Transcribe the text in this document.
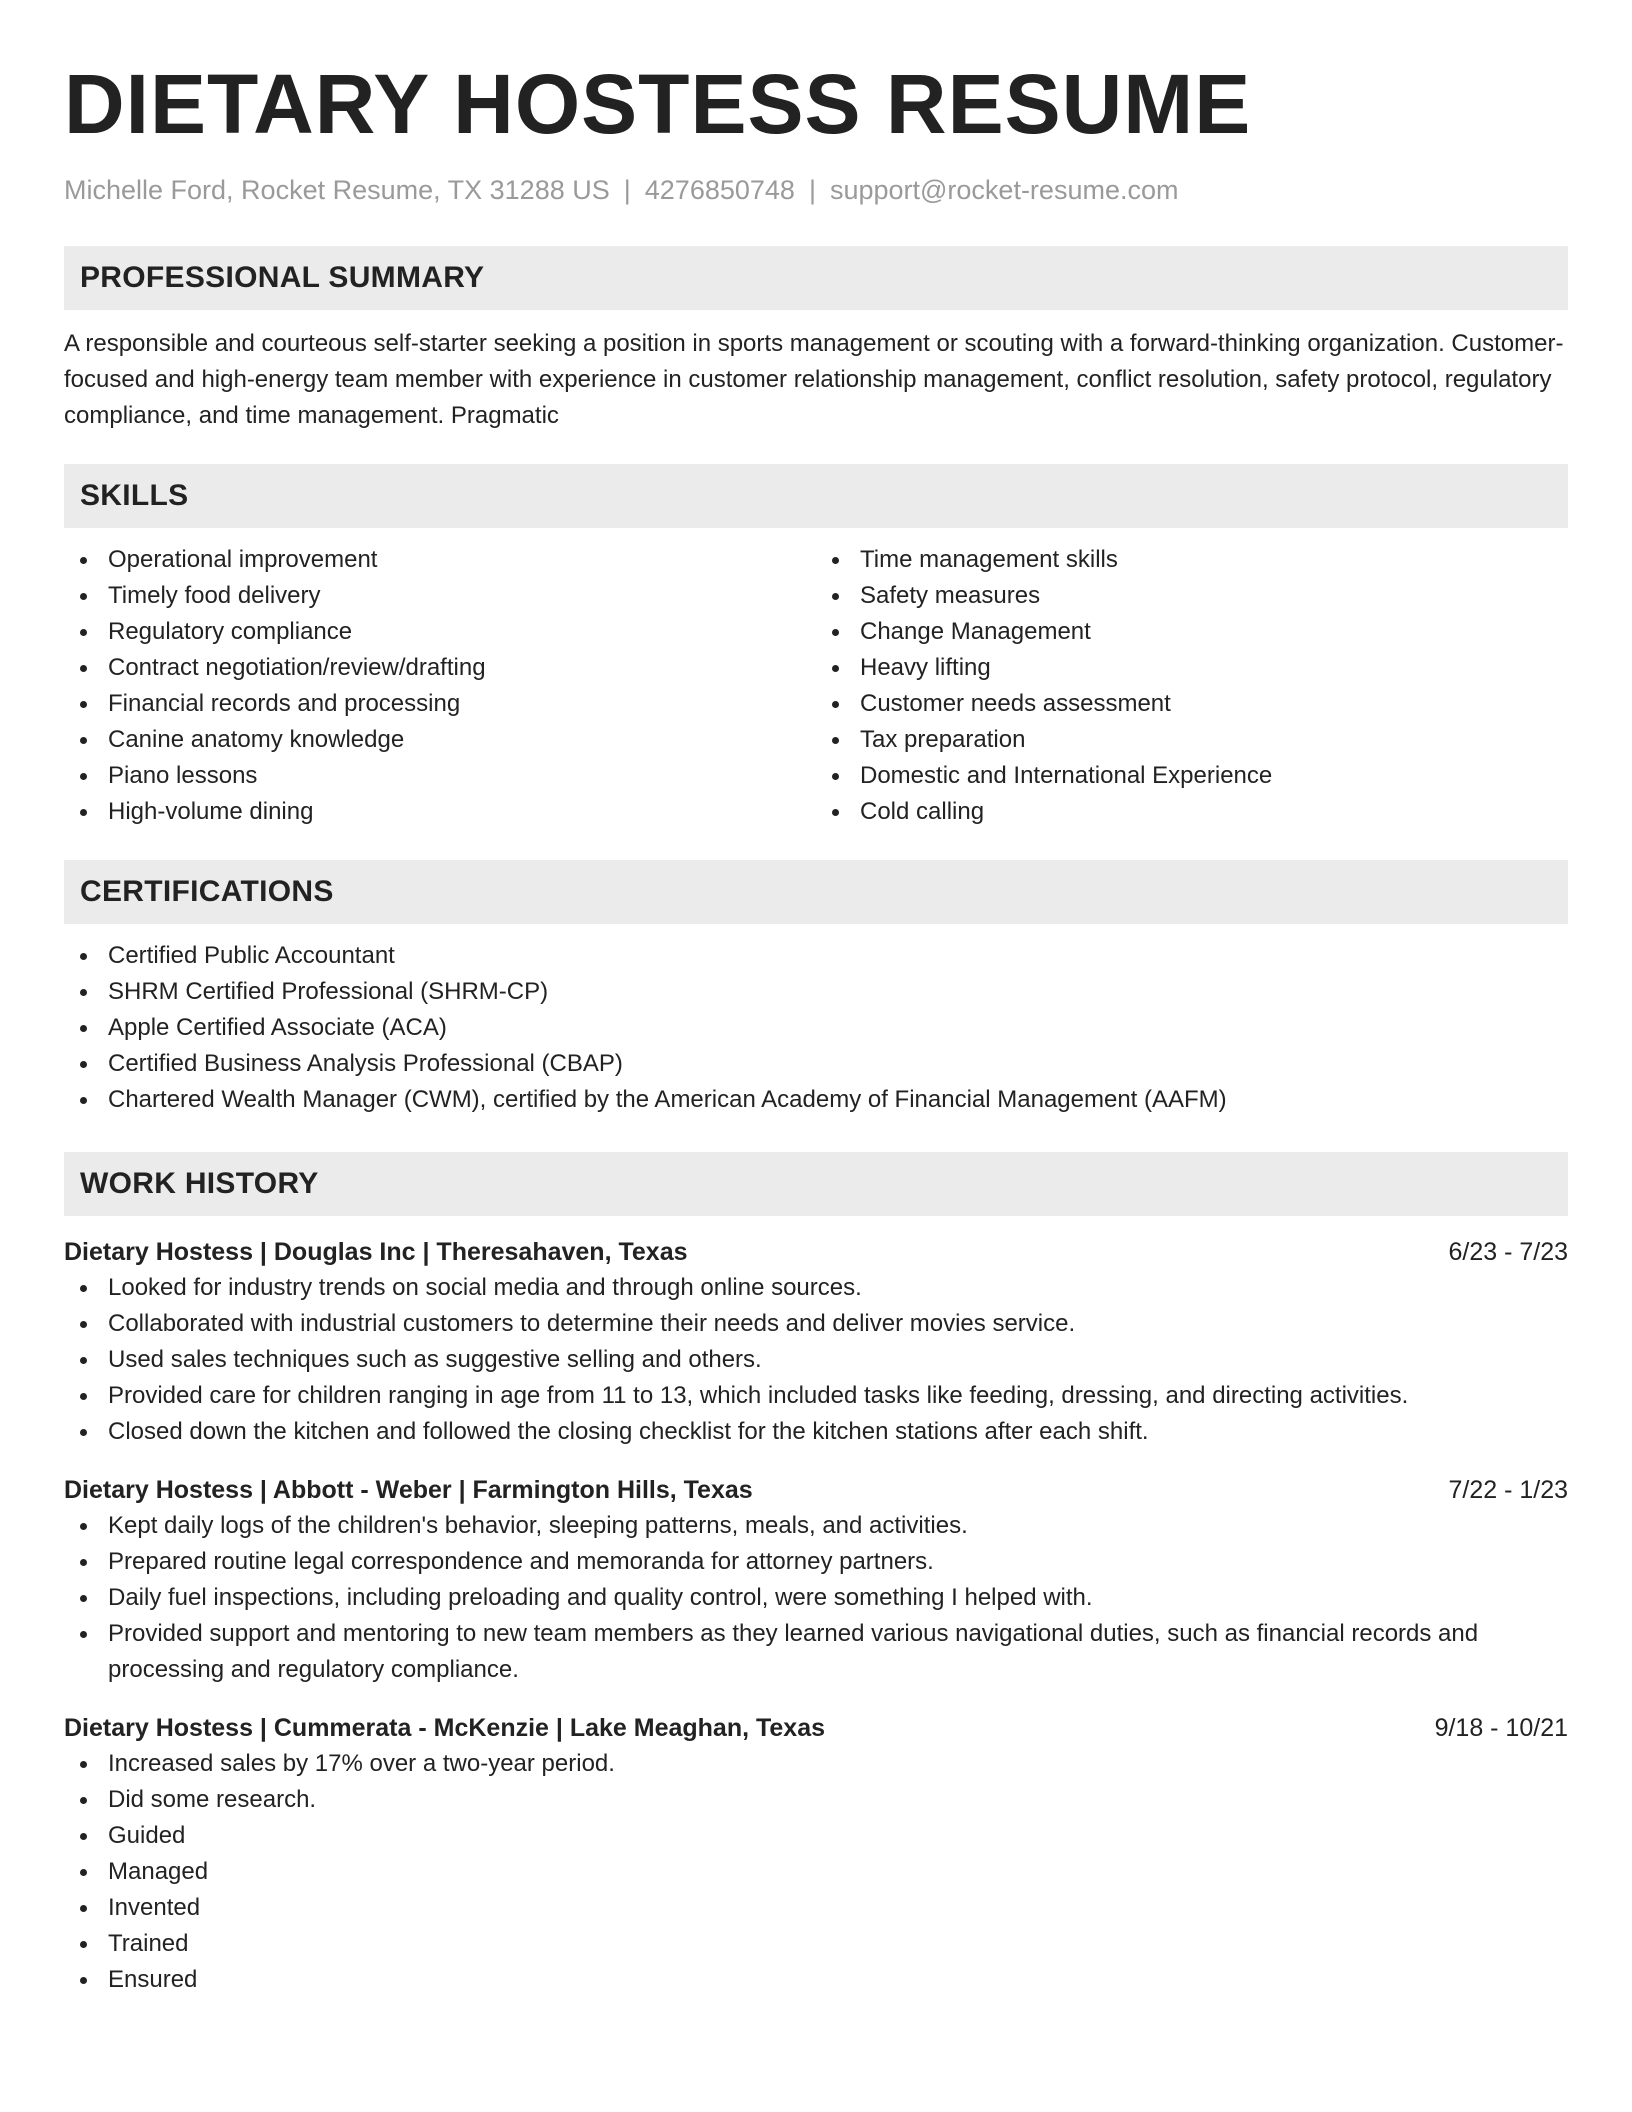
DIETARY HOSTESS RESUME
Michelle Ford, Rocket Resume, TX 31288 US | 4276850748 | support@rocket-resume.com
PROFESSIONAL SUMMARY

A responsible and courteous self-starter seeking a position in sports management or scouting with a forward-thinking organization. Customer-focused and high-energy team member with experience in customer relationship management, conflict resolution, safety protocol, regulatory compliance, and time management. Pragmatic

SKILLS
Operational improvement
Timely food delivery
Regulatory compliance
Contract negotiation/review/drafting
Financial records and processing
Canine anatomy knowledge
Piano lessons
High-volume dining
Time management skills
Safety measures
Change Management
Heavy lifting
Customer needs assessment
Tax preparation
Domestic and International Experience
Cold calling
CERTIFICATIONS
Certified Public Accountant
SHRM Certified Professional (SHRM-CP)
Apple Certified Associate (ACA)
Certified Business Analysis Professional (CBAP)
Chartered Wealth Manager (CWM), certified by the American Academy of Financial Management (AAFM)
WORK HISTORY
Dietary Hostess | Douglas Inc | Theresahaven, Texas	6/23 - 7/23
Looked for industry trends on social media and through online sources.
Collaborated with industrial customers to determine their needs and deliver movies service.
Used sales techniques such as suggestive selling and others.
Provided care for children ranging in age from 11 to 13, which included tasks like feeding, dressing, and directing activities.
Closed down the kitchen and followed the closing checklist for the kitchen stations after each shift.
Dietary Hostess | Abbott - Weber | Farmington Hills, Texas	7/22 - 1/23
Kept daily logs of the children's behavior, sleeping patterns, meals, and activities.
Prepared routine legal correspondence and memoranda for attorney partners.
Daily fuel inspections, including preloading and quality control, were something I helped with.
Provided support and mentoring to new team members as they learned various navigational duties, such as financial records and processing and regulatory compliance.
Dietary Hostess | Cummerata - McKenzie | Lake Meaghan, Texas	9/18 - 10/21
Increased sales by 17% over a two-year period.
Did some research.
Guided
Managed
Invented
Trained
Ensured
